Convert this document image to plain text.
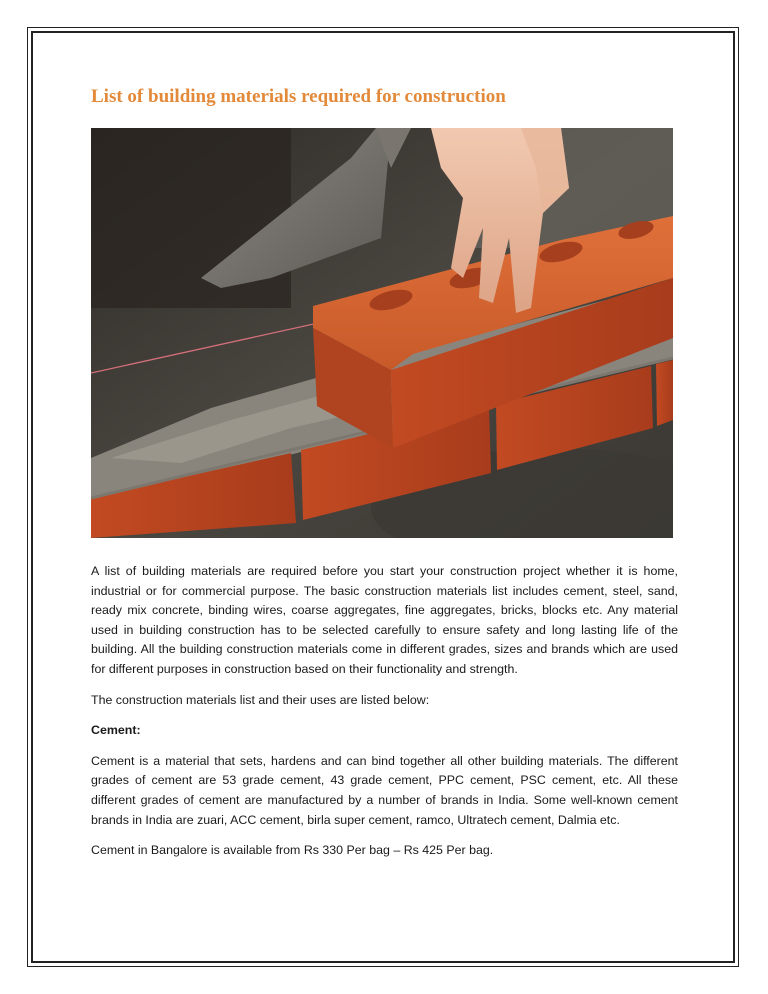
List of building materials required for construction

A list of building materials are required before you start your construction project whether it is home, industrial or for commercial purpose. The basic construction materials list includes cement, steel, sand, ready mix concrete, binding wires, coarse aggregates, fine aggregates, bricks, blocks etc. Any material used in building construction has to be selected carefully to ensure safety and long lasting life of the building. All the building construction materials come in different grades, sizes and brands which are used for different purposes in construction based on their functionality and strength.

The construction materials list and their uses are listed below:

Cement:

Cement is a material that sets, hardens and can bind together all other building materials. The different grades of cement are 53 grade cement, 43 grade cement, PPC cement, PSC cement, etc. All these different grades of cement are manufactured by a number of brands in India. Some well-known cement brands in India are zuari, ACC cement, birla super cement, ramco, Ultratech cement, Dalmia etc.

Cement in Bangalore is available from Rs 330 Per bag – Rs 425 Per bag.
